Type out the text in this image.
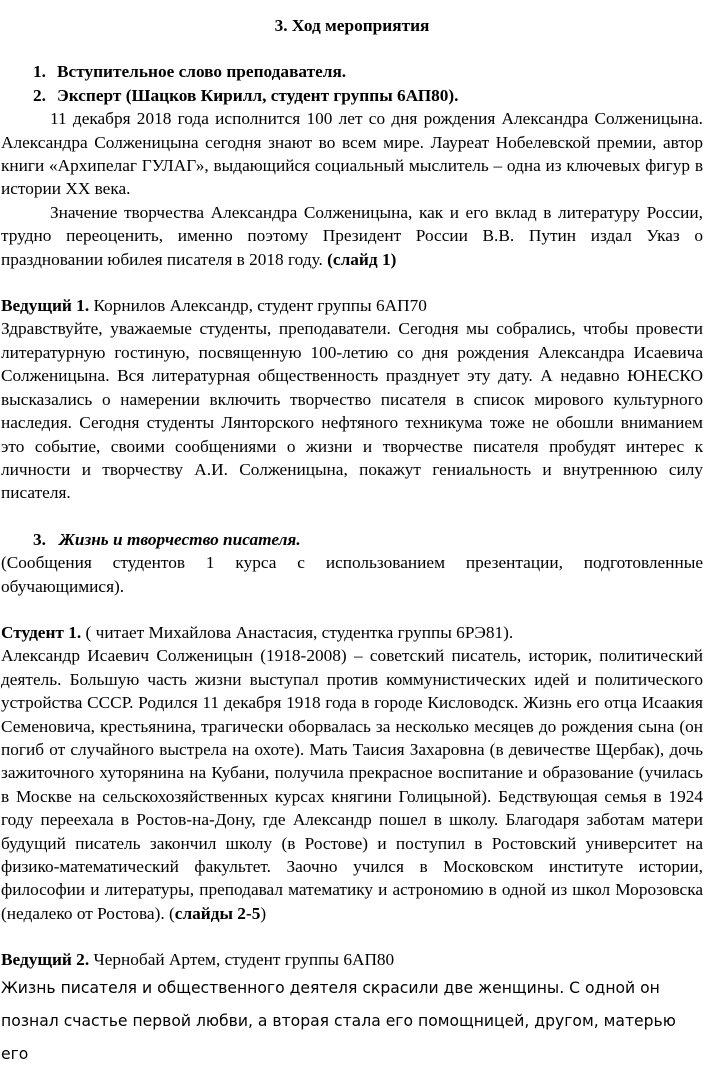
3. Ход мероприятия

1. Вступительное слово преподавателя.

2. Эксперт (Шацков Кирилл, студент группы 6АП80).

11 декабря 2018 года исполнится 100 лет со дня рождения Александра Солженицына. Александра Солженицына сегодня знают во всем мире. Лауреат Нобелевской премии, автор книги «Архипелаг ГУЛАГ», выдающийся социальный мыслитель – одна из ключевых фигур в истории XX века.

Значение творчества Александра Солженицына, как и его вклад в литературу России, трудно переоценить, именно поэтому Президент России В.В. Путин издал Указ о праздновании юбилея писателя в 2018 году. (слайд 1)

Ведущий 1. Корнилов Александр, студент группы 6АП70

Здравствуйте, уважаемые студенты, преподаватели. Сегодня мы собрались, чтобы провести литературную гостиную, посвященную 100-летию со дня рождения Александра Исаевича Солженицына. Вся литературная общественность празднует эту дату. А недавно ЮНЕСКО высказались о намерении включить творчество писателя в список мирового культурного наследия. Сегодня студенты Лянторского нефтяного техникума тоже не обошли вниманием это событие, своими сообщениями о жизни и творчестве писателя пробудят интерес к личности и творчеству А.И. Солженицына, покажут гениальность и внутреннюю силу писателя.

3. Жизнь и творчество писателя.

(Сообщения студентов 1 курса с использованием презентации, подготовленные обучающимися).

Студент 1. ( читает Михайлова Анастасия, студентка группы 6РЭ81).

Александр Исаевич Солженицын (1918-2008) – советский писатель, историк, политический деятель. Большую часть жизни выступал против коммунистических идей и политического устройства СССР. Родился 11 декабря 1918 года в городе Кисловодск. Жизнь его отца Исаакия Семеновича, крестьянина, трагически оборвалась за несколько месяцев до рождения сына (он погиб от случайного выстрела на охоте). Мать Таисия Захаровна (в девичестве Щербак), дочь зажиточного хуторянина на Кубани, получила прекрасное воспитание и образование (училась в Москве на сельскохозяйственных курсах княгини Голицыной). Бедствующая семья в 1924 году переехала в Ростов-на-Дону, где Александр пошел в школу. Благодаря заботам матери будущий писатель закончил школу (в Ростове) и поступил в Ростовский университет на физико-математический факультет. Заочно учился в Московском институте истории, философии и литературы, преподавал математику и астрономию в одной из школ Морозовска (недалеко от Ростова). (слайды 2-5)

Ведущий 2. Чернобай Артем, студент группы 6АП80

Жизнь писателя и общественного деятеля скрасили две женщины. С одной он

познал счастье первой любви, а вторая стала его помощницей, другом, матерью его
